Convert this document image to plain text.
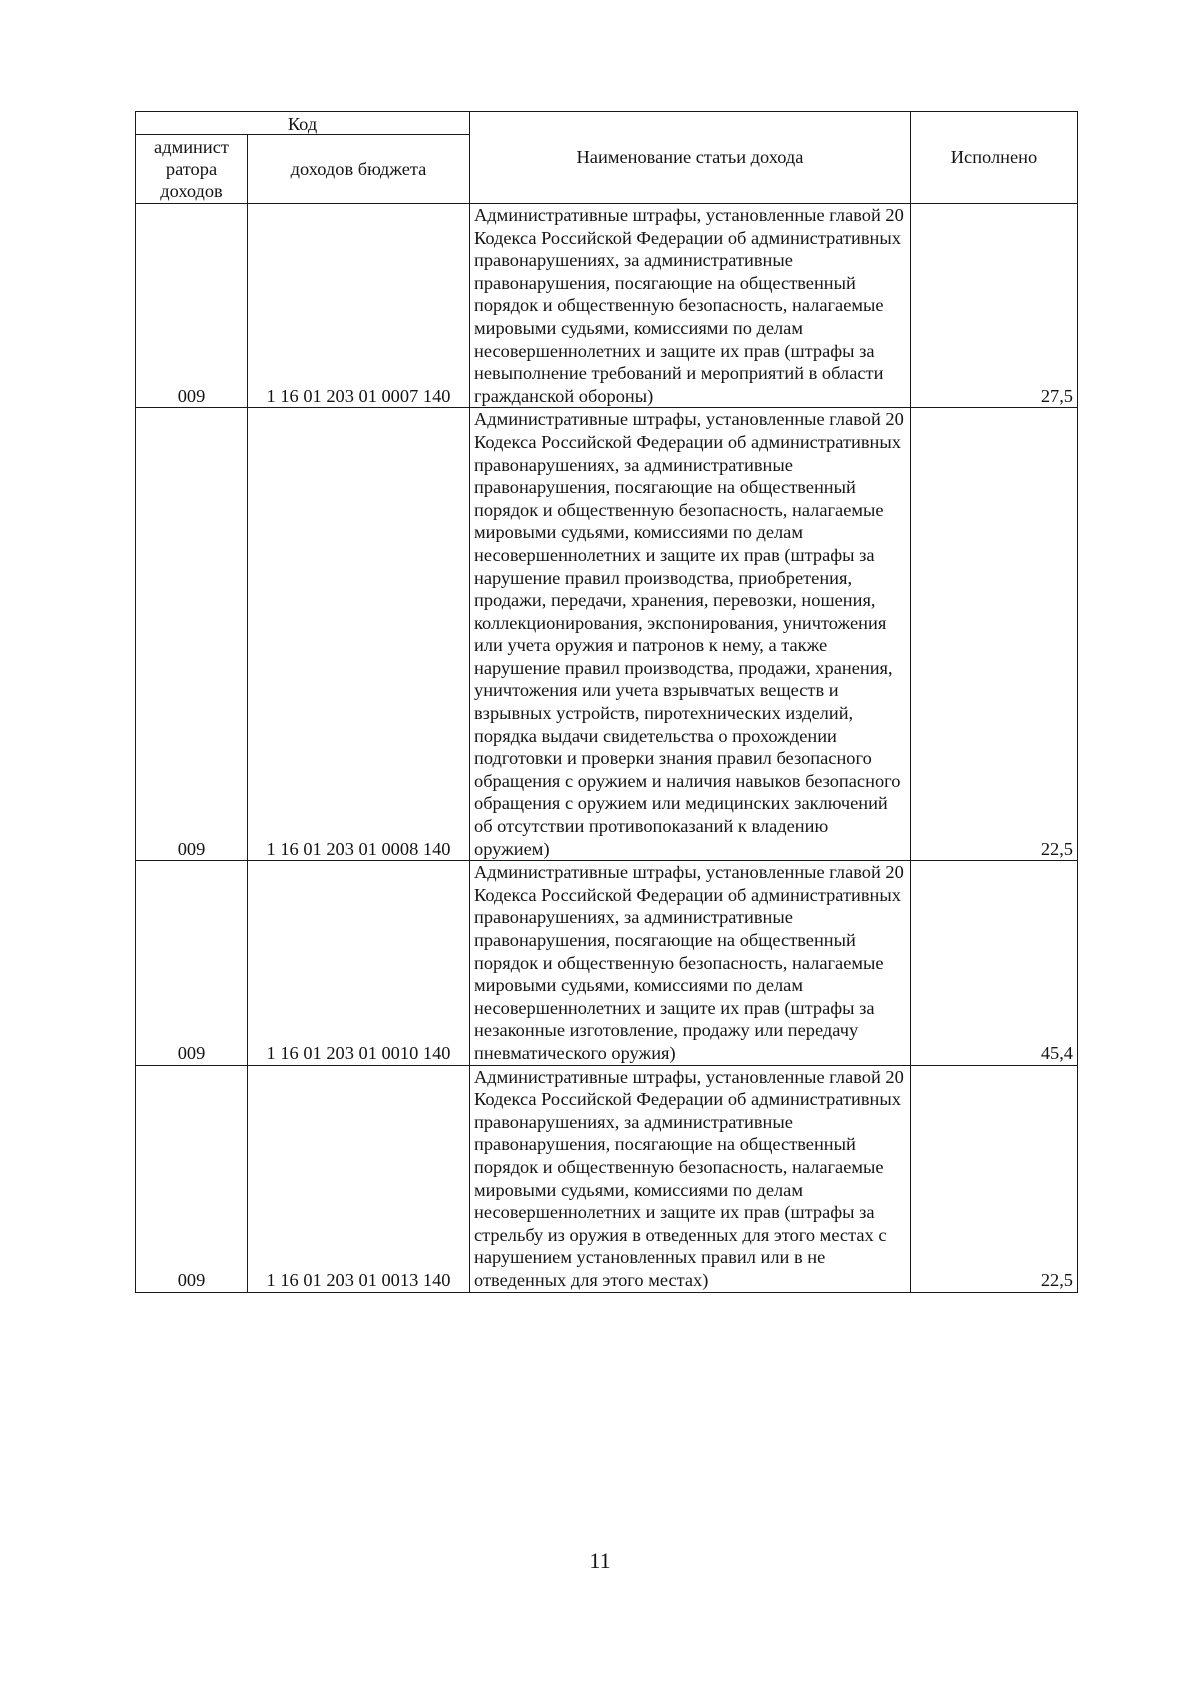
Код		Наименование статьи дохода	Исполнено
админист ратора доходов	доходов бюджета		
009	1 16 01 203 01 0007 140	Административные штрафы, установленные главой 20 Кодекса Российской Федерации об административных правонарушениях, за административные правонарушения, посягающие на общественный порядок и общественную безопасность, налагаемые мировыми судьями, комиссиями по делам несовершеннолетних и защите их прав (штрафы за невыполнение требований и мероприятий в области гражданской обороны)	27,5
009	1 16 01 203 01 0008 140	Административные штрафы, установленные главой 20 Кодекса Российской Федерации об административных правонарушениях, за административные правонарушения, посягающие на общественный порядок и общественную безопасность, налагаемые мировыми судьями, комиссиями по делам несовершеннолетних и защите их прав (штрафы за нарушение правил производства, приобретения, продажи, передачи, хранения, перевозки, ношения, коллекционирования, экспонирования, уничтожения или учета оружия и патронов к нему, а также нарушение правил производства, продажи, хранения, уничтожения или учета взрывчатых веществ и взрывных устройств, пиротехнических изделий, порядка выдачи свидетельства о прохождении подготовки и проверки знания правил безопасного обращения с оружием и наличия навыков безопасного обращения с оружием или медицинских заключений об отсутствии противопоказаний к владению оружием)	22,5
009	1 16 01 203 01 0010 140	Административные штрафы, установленные главой 20 Кодекса Российской Федерации об административных правонарушениях, за административные правонарушения, посягающие на общественный порядок и общественную безопасность, налагаемые мировыми судьями, комиссиями по делам несовершеннолетних и защите их прав (штрафы за незаконные изготовление, продажу или передачу пневматического оружия)	45,4
009	1 16 01 203 01 0013 140	Административные штрафы, установленные главой 20 Кодекса Российской Федерации об административных правонарушениях, за административные правонарушения, посягающие на общественный порядок и общественную безопасность, налагаемые мировыми судьями, комиссиями по делам несовершеннолетних и защите их прав (штрафы за стрельбу из оружия в отведенных для этого местах с нарушением установленных правил или в не отведенных для этого местах)	22,5
11
